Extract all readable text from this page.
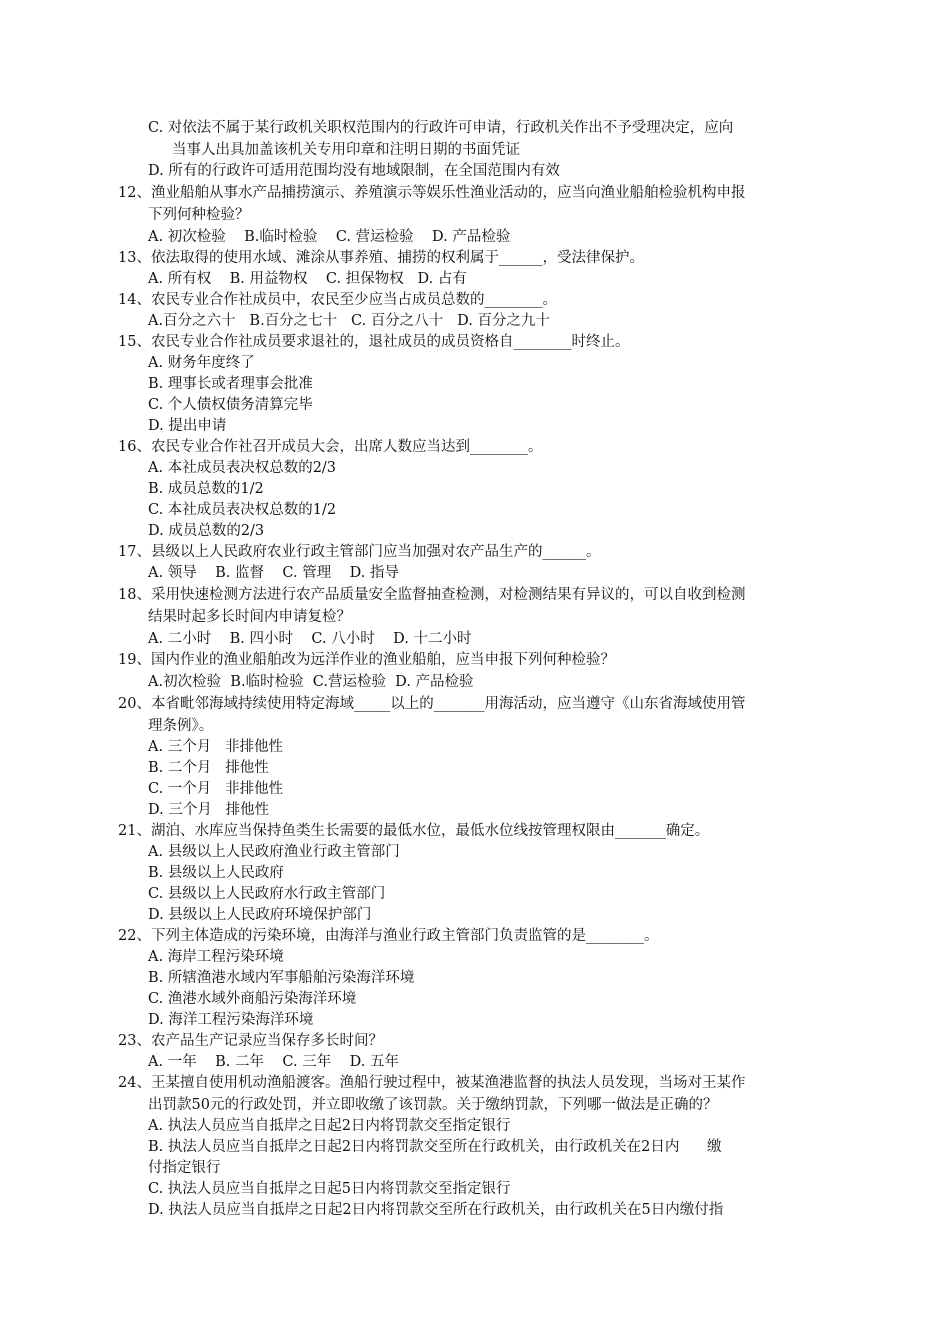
C. 对依法不属于某行政机关职权范围内的行政许可申请，行政机关作出不予受理决定，应向
当事人出具加盖该机关专用印章和注明日期的书面凭证
D. 所有的行政许可适用范围均没有地域限制，在全国范围内有效
12、渔业船舶从事水产品捕捞演示、养殖演示等娱乐性渔业活动的，应当向渔业船舶检验机构申报
下列何种检验？
A. 初次检验    B.临时检验    C. 营运检验    D. 产品检验
13、依法取得的使用水域、滩涂从事养殖、捕捞的权利属于______，受法律保护。
A. 所有权    B. 用益物权    C. 担保物权   D. 占有
14、农民专业合作社成员中，农民至少应当占成员总数的________。
A.百分之六十   B.百分之七十   C. 百分之八十   D. 百分之九十
15、农民专业合作社成员要求退社的，退社成员的成员资格自________时终止。
A. 财务年度终了
B. 理事长或者理事会批准
C. 个人债权债务清算完毕
D. 提出申请
16、农民专业合作社召开成员大会，出席人数应当达到________。
A. 本社成员表决权总数的2/3
B. 成员总数的1/2
C. 本社成员表决权总数的1/2
D. 成员总数的2/3
17、县级以上人民政府农业行政主管部门应当加强对农产品生产的______。
A. 领导    B. 监督    C. 管理    D. 指导
18、采用快速检测方法进行农产品质量安全监督抽查检测，对检测结果有异议的，可以自收到检测
结果时起多长时间内申请复检？
A. 二小时    B. 四小时    C. 八小时    D. 十二小时
19、国内作业的渔业船舶改为远洋作业的渔业船舶，应当申报下列何种检验？
A.初次检验  B.临时检验  C.营运检验  D. 产品检验
20、本省毗邻海域持续使用特定海域_____以上的_______用海活动，应当遵守《山东省海域使用管
理条例》。
A. 三个月   非排他性
B. 二个月   排他性
C. 一个月   非排他性
D. 三个月   排他性
21、湖泊、水库应当保持鱼类生长需要的最低水位，最低水位线按管理权限由_______确定。
A. 县级以上人民政府渔业行政主管部门
B. 县级以上人民政府
C. 县级以上人民政府水行政主管部门
D. 县级以上人民政府环境保护部门
22、下列主体造成的污染环境，由海洋与渔业行政主管部门负责监管的是________。
A. 海岸工程污染环境
B. 所辖渔港水域内军事船舶污染海洋环境
C. 渔港水域外商船污染海洋环境
D. 海洋工程污染海洋环境
23、农产品生产记录应当保存多长时间？
A. 一年    B. 二年    C. 三年    D. 五年
24、王某擅自使用机动渔船渡客。渔船行驶过程中，被某渔港监督的执法人员发现，当场对王某作
出罚款50元的行政处罚，并立即收缴了该罚款。关于缴纳罚款，下列哪一做法是正确的？
A. 执法人员应当自抵岸之日起2日内将罚款交至指定银行
B. 执法人员应当自抵岸之日起2日内将罚款交至所在行政机关，由行政机关在2日内      缴
付指定银行
C. 执法人员应当自抵岸之日起5日内将罚款交至指定银行
D. 执法人员应当自抵岸之日起2日内将罚款交至所在行政机关，由行政机关在5日内缴付指
